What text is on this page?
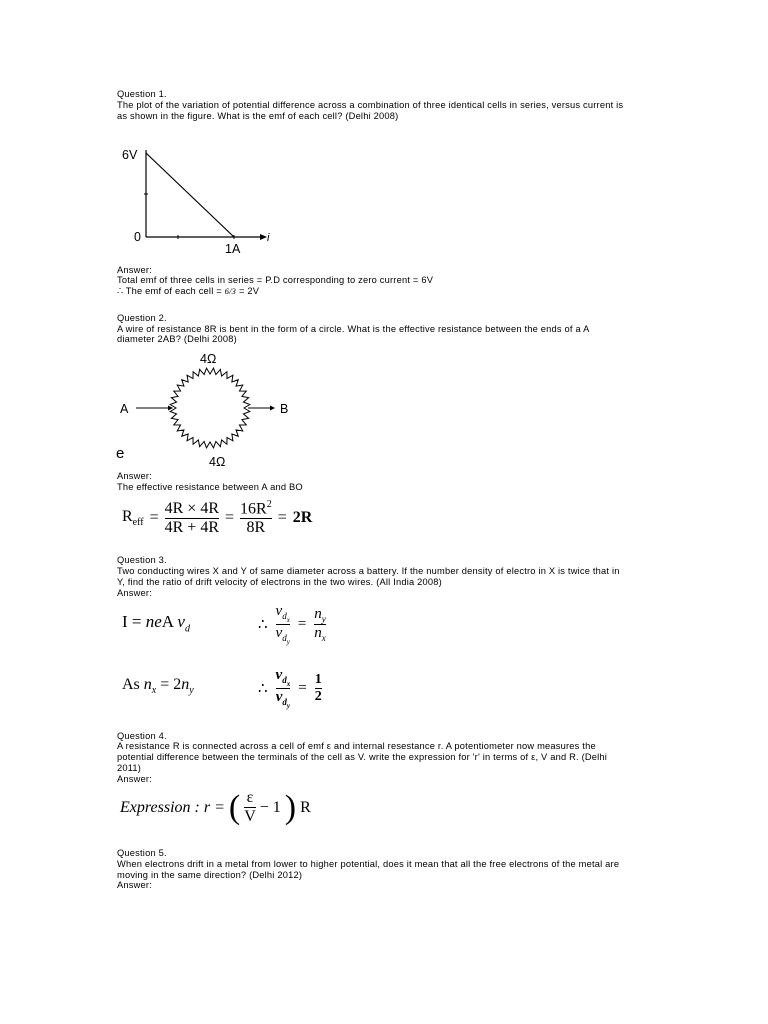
Question 1.
The plot of the variation of potential difference across a combination of three identical cells in series, versus current is
as shown in the figure. What is the emf of each cell? (Delhi 2008)
6V
0
1A
i
Answer:
Total emf of three cells in series = P.D corresponding to zero current = 6V
∴ The emf of each cell = 6/3 = 2V
Question 2.
A wire of resistance 8R is bent in the form of a circle. What is the effective resistance between the ends of a A
diameter 2AB? (Delhi 2008)
4Ω
4Ω
A	B
e
Answer:
The effective resistance between A and BO
$R_{eff} = \frac{4R \times 4R}{4R + 4R} = \frac{16R^2}{8R} = 2R$
Question 3.
Two conducting wires X and Y of same diameter across a battery. If the number density of electro in X is twice that in
Y, find the ratio of drift velocity of electrons in the two wires. (All India 2008)
Answer:
I = neA $v_d$	∴ $\frac{v_{d_x}}{v_{d_y}} = \frac{n_y}{n_x}$
As $n_x = 2n_y$	∴ $\frac{v_{d_x}}{v_{d_y}} = \frac{1}{2}$
Question 4.
A resistance R is connected across a cell of emf ε and internal resestance r. A potentiometer now measures the
potential difference between the terminals of the cell as V. write the expression for 'r' in terms of ε, V and R. (Delhi
2011)
Answer:
Expression : r = ( $\frac{\varepsilon}{V} - 1$ ) R
Question 5.
When electrons drift in a metal from lower to higher potential, does it mean that all the free electrons of the metal are
moving in the same direction? (Delhi 2012)
Answer:
